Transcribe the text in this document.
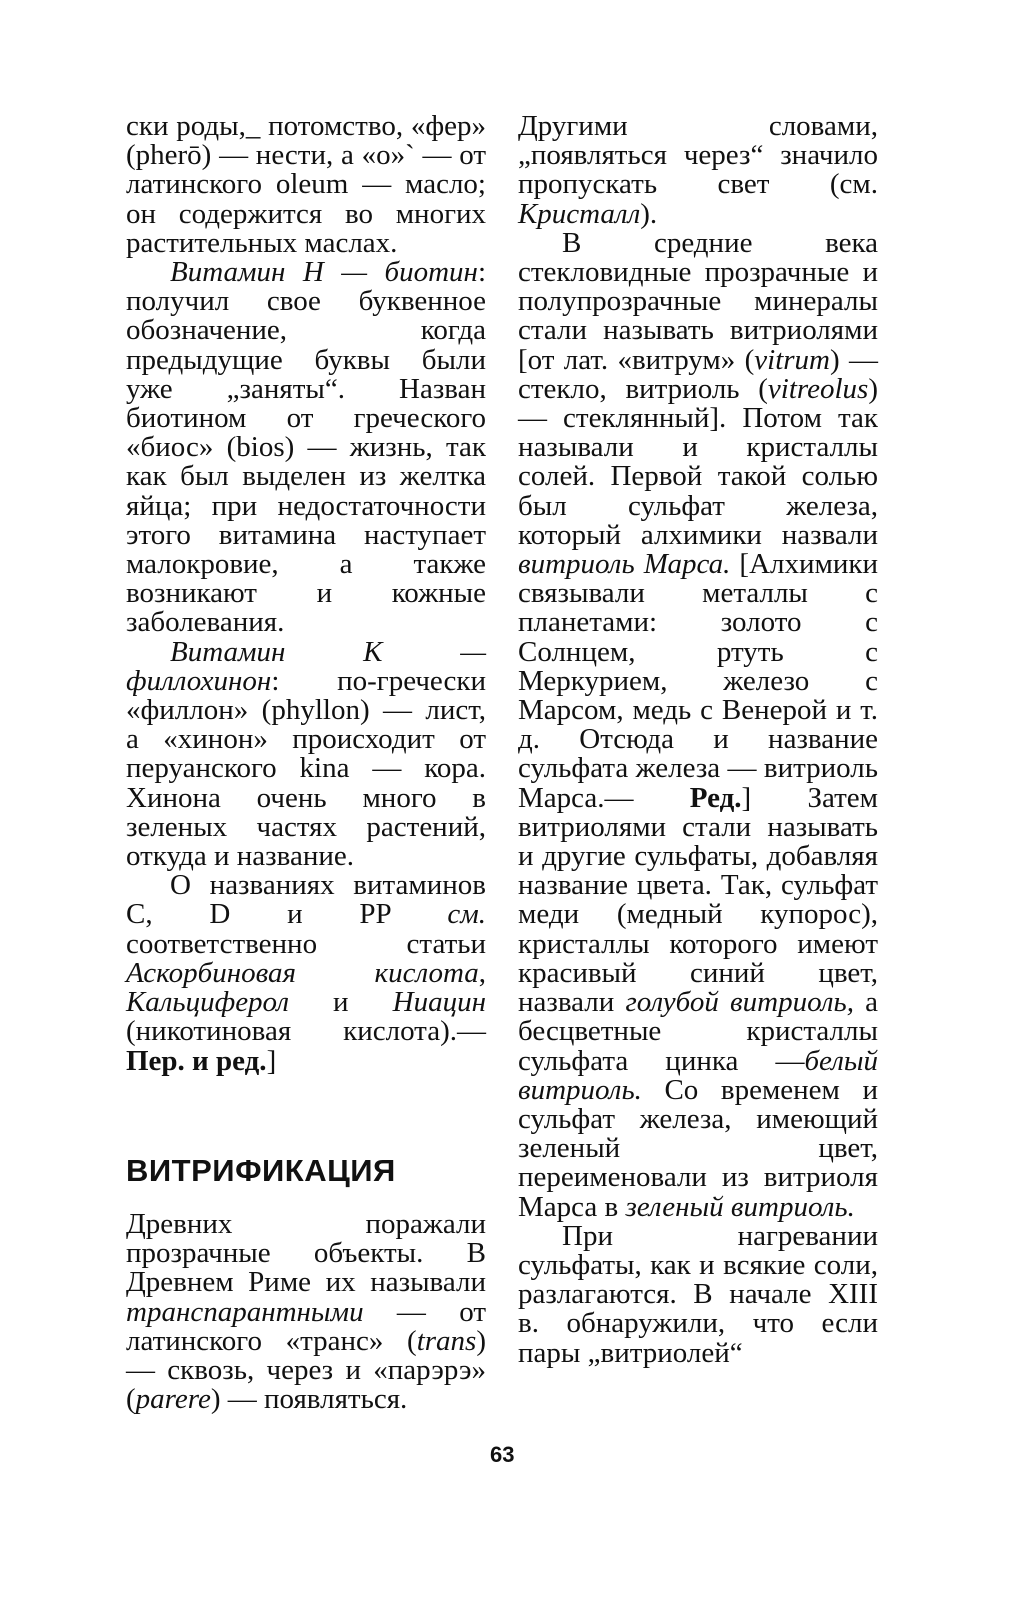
ски роды,_ потомство, «фер» (pherō) — нести, а «о»` — от латинского oleum — масло; он содержится во многих растительных маслах.

Витамин Н — биотин: получил свое буквенное обозначение, когда предыдущие буквы были уже „заняты“. Назван биотином от греческого «биос» (bios) — жизнь, так как был выделен из желтка яйца; при недостаточности этого витамина наступает малокровие, а также возникают и кожные заболевания.

Витамин К — филлохинон: по-гречески «филлон» (phyllon) — лист, а «хинон» происходит от перуанского kina — кора. Хинона очень много в зеленых частях растений, откуда и название.

О названиях витаминов С, D и PP см. соответственно статьи Аскорбиновая кислота, Кальциферол и Ниацин (никотиновая кислота).— Пер. и ред.]

ВИТРИФИКАЦИЯ

Древних поражали прозрачные объекты. В Древнем Риме их называли транспарантными — от латинского «транс» (trans) — сквозь, через и «парэрэ» (parere) — появляться.

Другими словами, „появляться через“ значило пропускать свет (см. Кристалл).

В средние века стекловидные прозрачные и полупрозрачные минералы стали называть витриолями [от лат. «витрум» (vitrum) — стекло, витриоль (vitreolus) — стеклянный]. Потом так называли и кристаллы солей. Первой такой солью был сульфат железа, который алхимики назвали витриоль Марса. [Алхимики связывали металлы с планетами: золото с Солнцем, ртуть с Меркурием, железо с Марсом, медь с Венерой и т. д. Отсюда и название сульфата железа — витриоль Марса.— Ред.] Затем витриолями стали называть и другие сульфаты, добавляя название цвета. Так, сульфат меди (медный купорос), кристаллы которого имеют красивый синий цвет, назвали голубой витриоль, а бесцветные кристаллы сульфата цинка —белый витриоль. Со временем и сульфат железа, имеющий зеленый цвет, переименовали из витриоля Марса в зеленый витриоль.

При нагревании сульфаты, как и всякие соли, разлагаются. В начале XIII в. обнаружили, что если пары „витриолей“

63
